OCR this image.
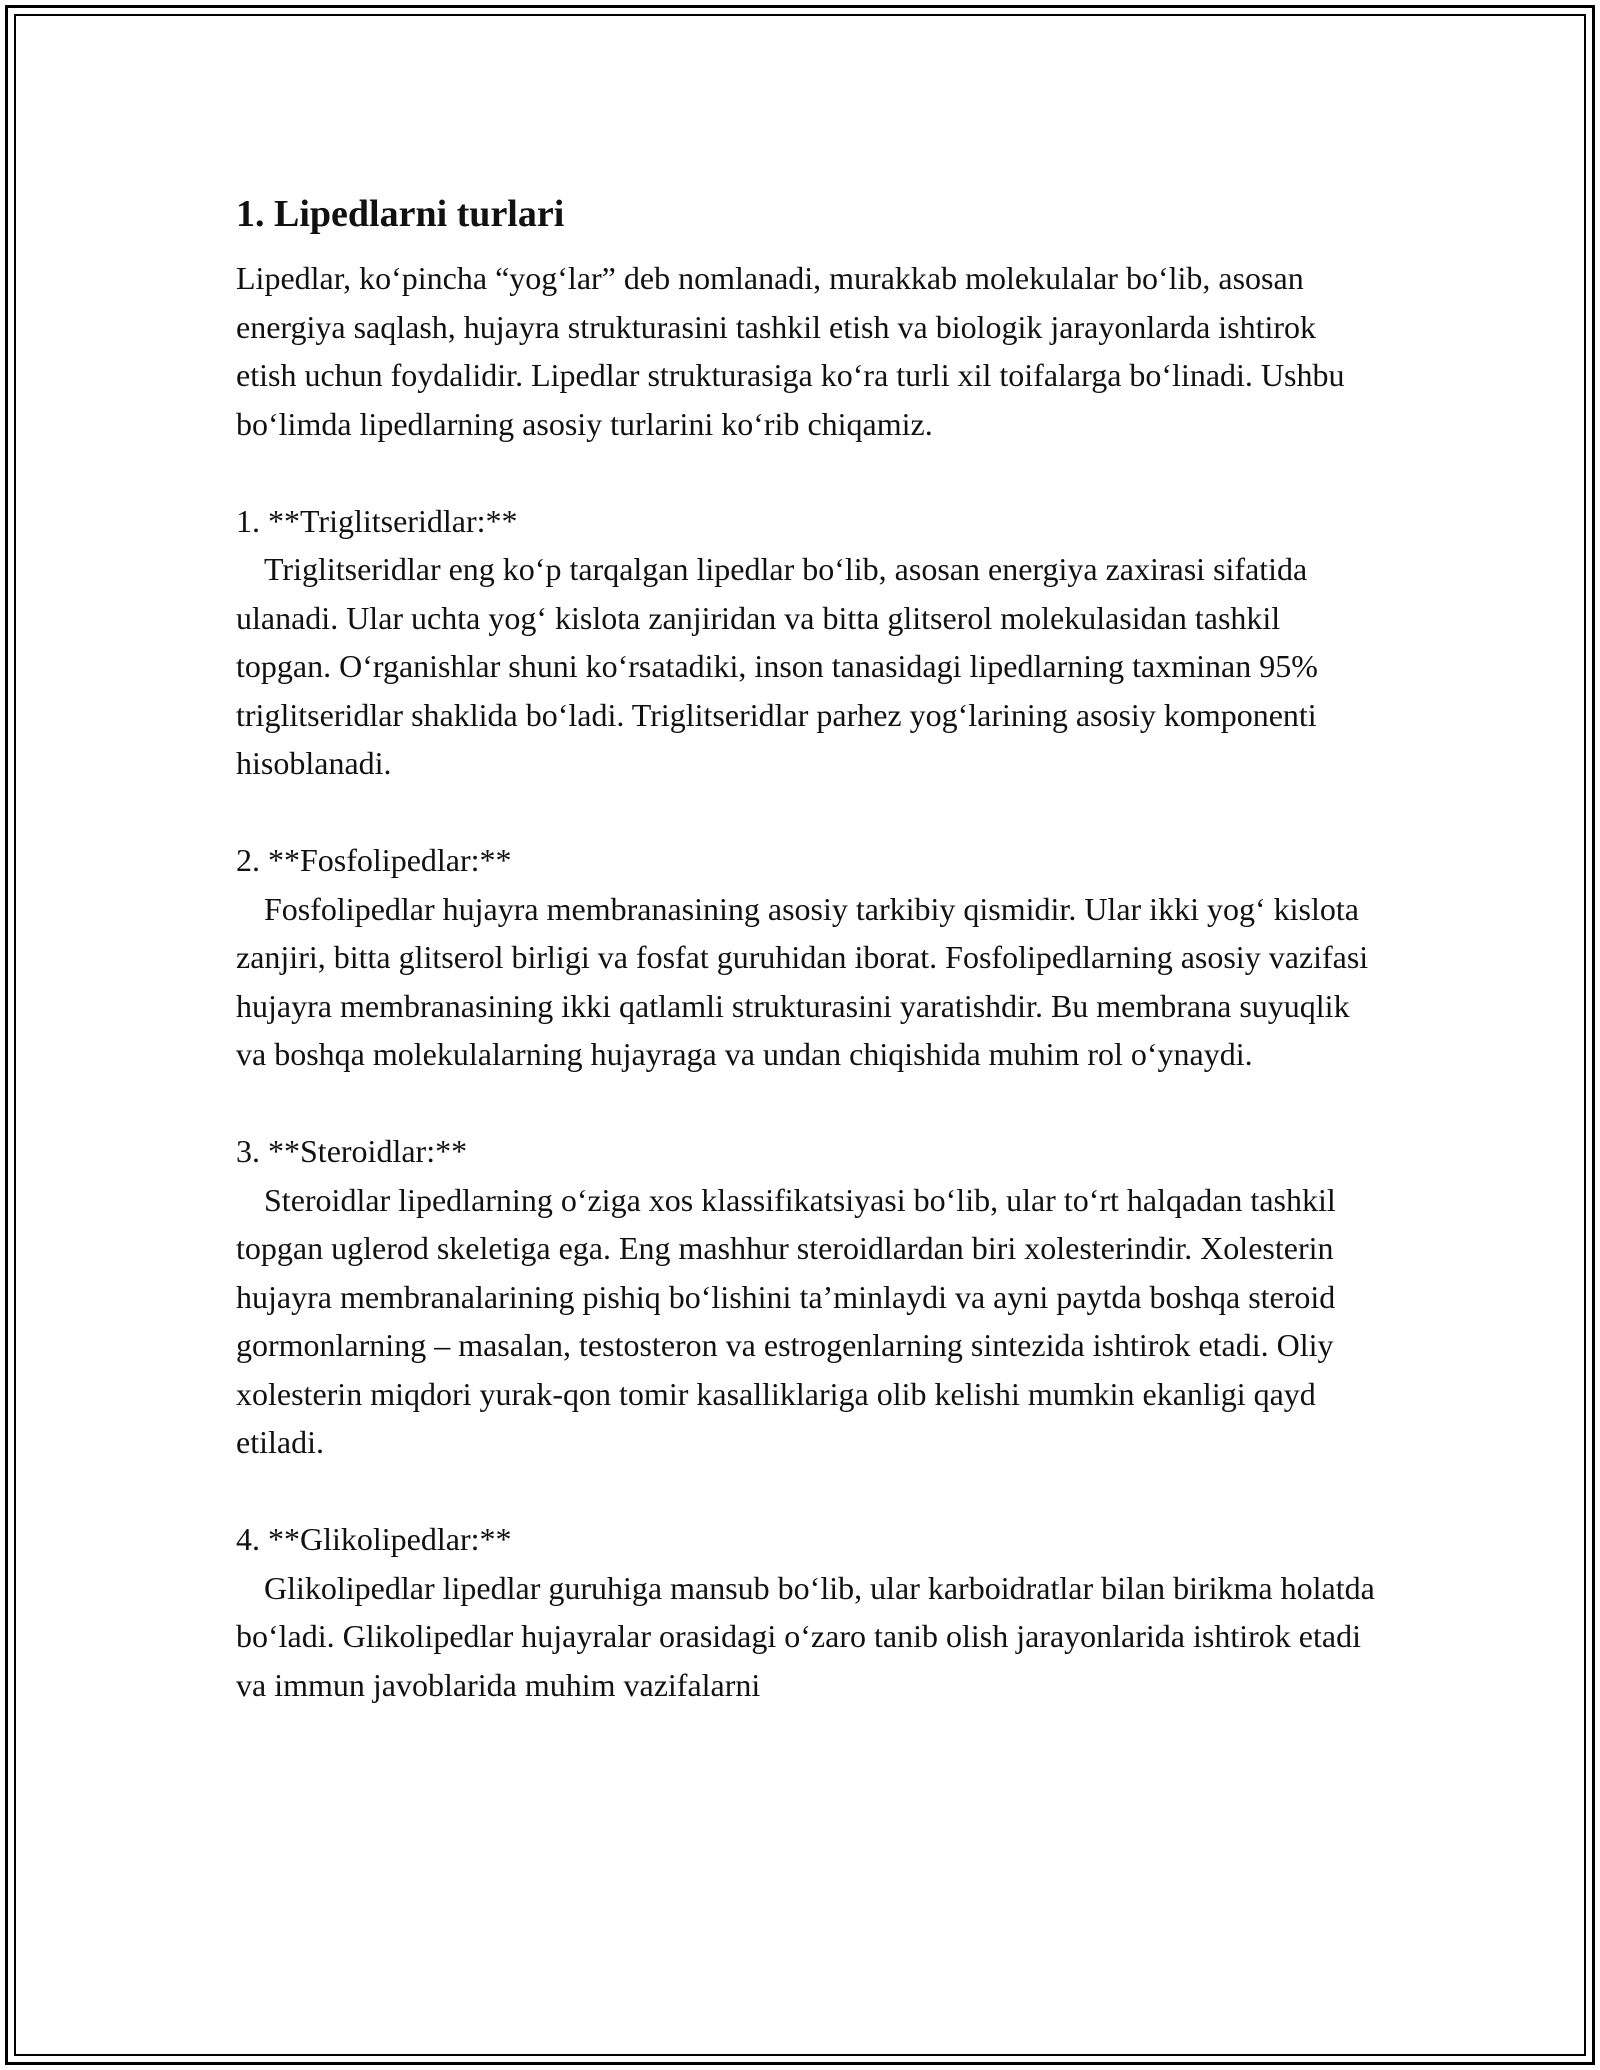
1. Lipedlarni turlari

Lipedlar, ko‘pincha “yog‘lar” deb nomlanadi, murakkab molekulalar bo‘lib, asosan energiya saqlash, hujayra strukturasini tashkil etish va biologik jarayonlarda ishtirok etish uchun foydalidir. Lipedlar strukturasiga ko‘ra turli xil toifalarga bo‘linadi. Ushbu bo‘limda lipedlarning asosiy turlarini ko‘rib chiqamiz.

1. **Triglitseridlar:**

Triglitseridlar eng ko‘p tarqalgan lipedlar bo‘lib, asosan energiya zaxirasi sifatida ulanadi. Ular uchta yog‘ kislota zanjiridan va bitta glitserol molekulasidan tashkil topgan. O‘rganishlar shuni ko‘rsatadiki, inson tanasidagi lipedlarning taxminan 95% triglitseridlar shaklida bo‘ladi. Triglitseridlar parhez yog‘larining asosiy komponenti hisoblanadi.

2. **Fosfolipedlar:**

Fosfolipedlar hujayra membranasining asosiy tarkibiy qismidir. Ular ikki yog‘ kislota zanjiri, bitta glitserol birligi va fosfat guruhidan iborat. Fosfolipedlarning asosiy vazifasi hujayra membranasining ikki qatlamli strukturasini yaratishdir. Bu membrana suyuqlik va boshqa molekulalarning hujayraga va undan chiqishida muhim rol o‘ynaydi.

3. **Steroidlar:**

Steroidlar lipedlarning o‘ziga xos klassifikatsiyasi bo‘lib, ular to‘rt halqadan tashkil topgan uglerod skeletiga ega. Eng mashhur steroidlardan biri xolesterindir. Xolesterin hujayra membranalarining pishiq bo‘lishini ta’minlaydi va ayni paytda boshqa steroid gormonlarning – masalan, testosteron va estrogenlarning sintezida ishtirok etadi. Oliy xolesterin miqdori yurak-qon tomir kasalliklariga olib kelishi mumkin ekanligi qayd etiladi.

4. **Glikolipedlar:**

Glikolipedlar lipedlar guruhiga mansub bo‘lib, ular karboidratlar bilan birikma holatda bo‘ladi. Glikolipedlar hujayralar orasidagi o‘zaro tanib olish jarayonlarida ishtirok etadi va immun javoblarida muhim vazifalarni
